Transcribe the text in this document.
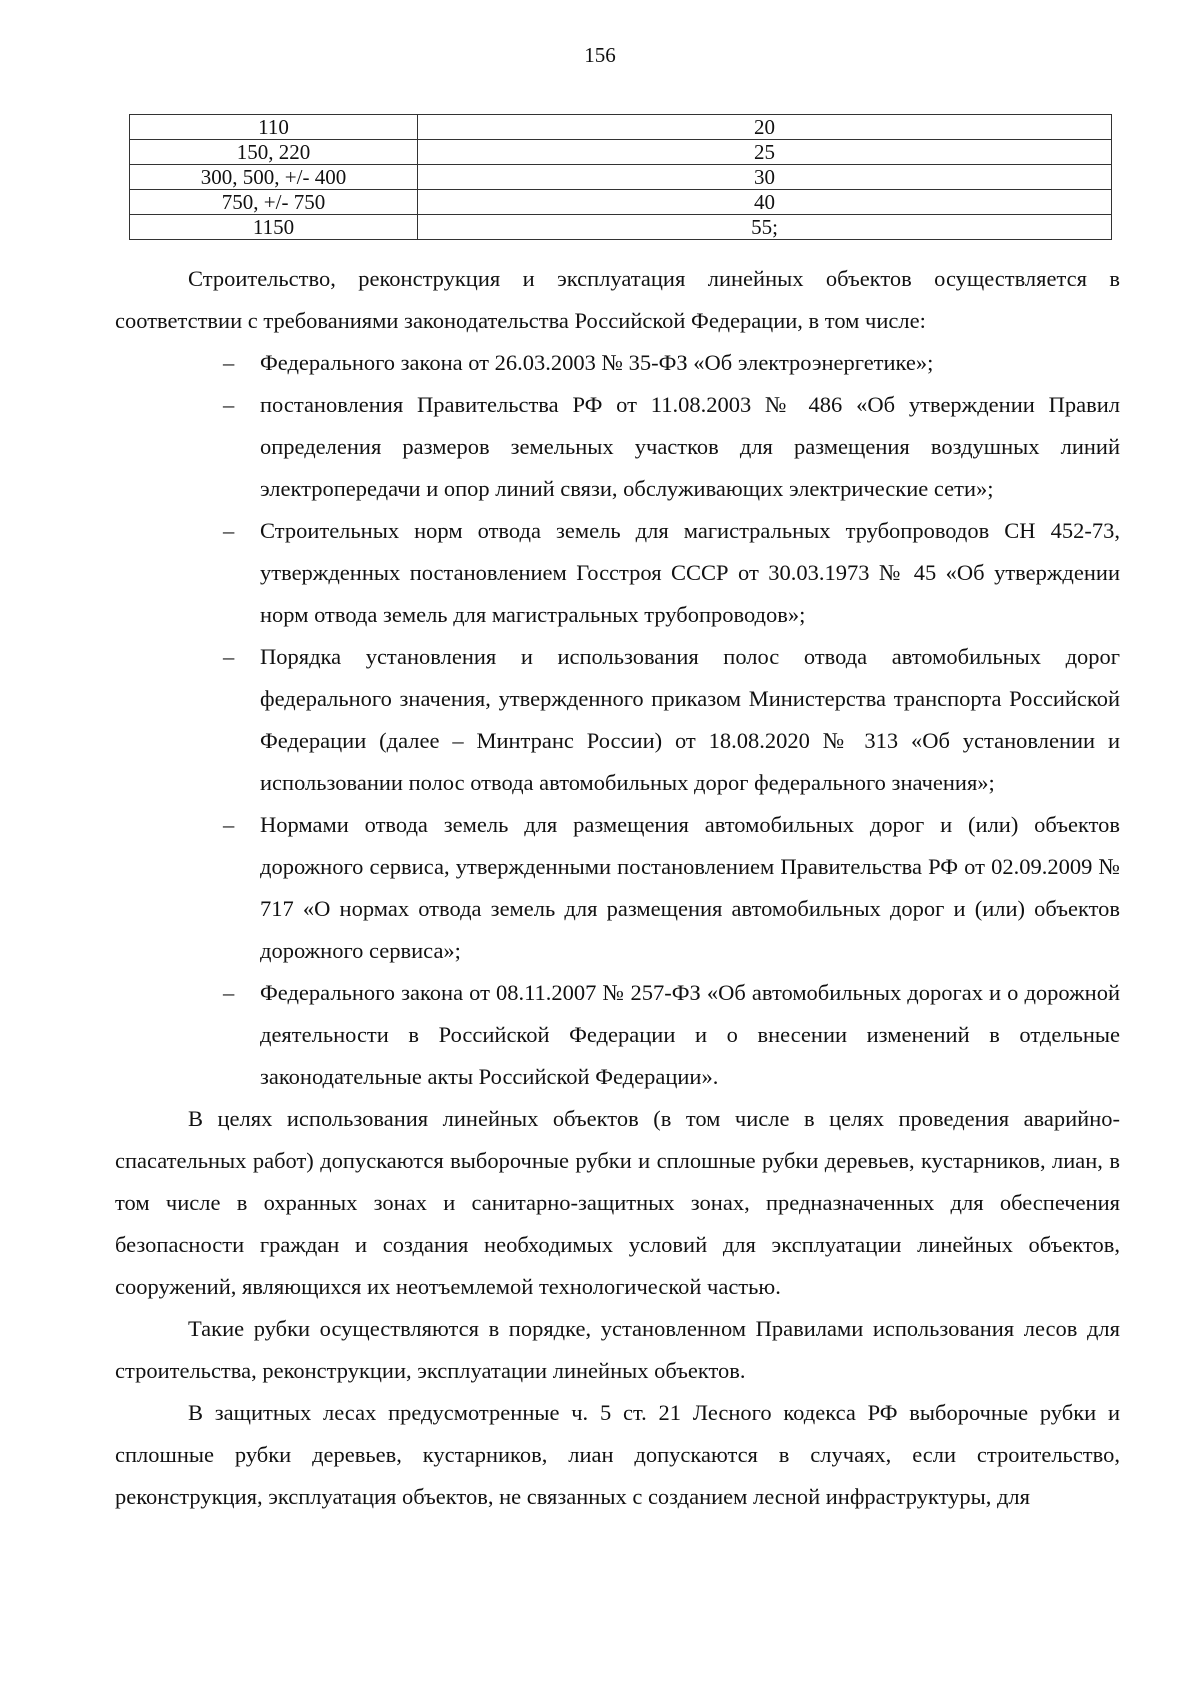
156
110	20
150, 220	25
300, 500, +/- 400	30
750, +/- 750	40
1150	55;

Строительство, реконструкция и эксплуатация линейных объектов осуществляется в соответствии с требованиями законодательства Российской Федерации, в том числе:

– Федерального закона от 26.03.2003 № 35-ФЗ «Об электроэнергетике»;
– постановления Правительства РФ от 11.08.2003 № 486 «Об утверждении Правил определения размеров земельных участков для размещения воздушных линий электропередачи и опор линий связи, обслуживающих электрические сети»;
– Строительных норм отвода земель для магистральных трубопроводов СН 452-73, утвержденных постановлением Госстроя СССР от 30.03.1973 № 45 «Об утверждении норм отвода земель для магистральных трубопроводов»;
– Порядка установления и использования полос отвода автомобильных дорог федерального значения, утвержденного приказом Министерства транспорта Российской Федерации (далее – Минтранс России) от 18.08.2020 № 313 «Об установлении и использовании полос отвода автомобильных дорог федерального значения»;
– Нормами отвода земель для размещения автомобильных дорог и (или) объектов дорожного сервиса, утвержденными постановлением Правительства РФ от 02.09.2009 № 717 «О нормах отвода земель для размещения автомобильных дорог и (или) объектов дорожного сервиса»;
– Федерального закона от 08.11.2007 № 257-ФЗ «Об автомобильных дорогах и о дорожной деятельности в Российской Федерации и о внесении изменений в отдельные законодательные акты Российской Федерации».

В целях использования линейных объектов (в том числе в целях проведения аварийно-спасательных работ) допускаются выборочные рубки и сплошные рубки деревьев, кустарников, лиан, в том числе в охранных зонах и санитарно-защитных зонах, предназначенных для обеспечения безопасности граждан и создания необходимых условий для эксплуатации линейных объектов, сооружений, являющихся их неотъемлемой технологической частью.

Такие рубки осуществляются в порядке, установленном Правилами использования лесов для строительства, реконструкции, эксплуатации линейных объектов.

В защитных лесах предусмотренные ч. 5 ст. 21 Лесного кодекса РФ выборочные рубки и сплошные рубки деревьев, кустарников, лиан допускаются в случаях, если строительство, реконструкция, эксплуатация объектов, не связанных с созданием лесной инфраструктуры, для
